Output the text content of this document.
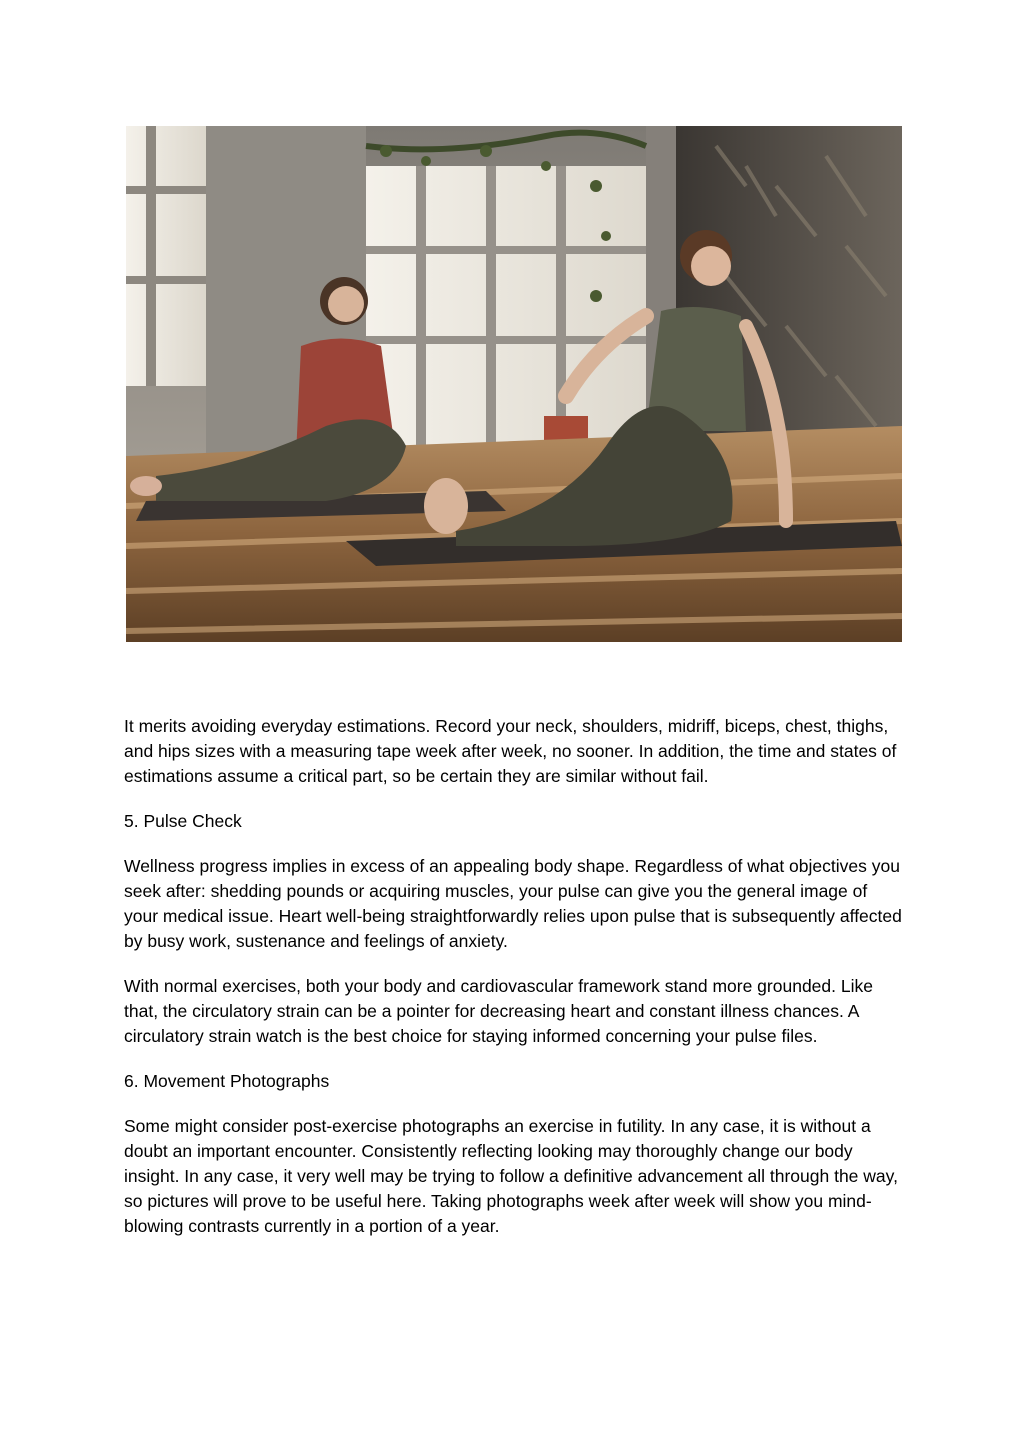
It merits avoiding everyday estimations. Record your neck, shoulders, midriff, biceps, chest, thighs, and hips sizes with a measuring tape week after week, no sooner. In addition, the time and states of estimations assume a critical part, so be certain they are similar without fail.

5. Pulse Check

Wellness progress implies in excess of an appealing body shape. Regardless of what objectives you seek after: shedding pounds or acquiring muscles, your pulse can give you the general image of your medical issue. Heart well-being straightforwardly relies upon pulse that is subsequently affected by busy work, sustenance and feelings of anxiety.

With normal exercises, both your body and cardiovascular framework stand more grounded. Like that, the circulatory strain can be a pointer for decreasing heart and constant illness chances. A circulatory strain watch is the best choice for staying informed concerning your pulse files.

6. Movement Photographs

Some might consider post-exercise photographs an exercise in futility. In any case, it is without a doubt an important encounter. Consistently reflecting looking may thoroughly change our body insight. In any case, it very well may be trying to follow a definitive advancement all through the way, so pictures will prove to be useful here. Taking photographs week after week will show you mind-blowing contrasts currently in a portion of a year.
